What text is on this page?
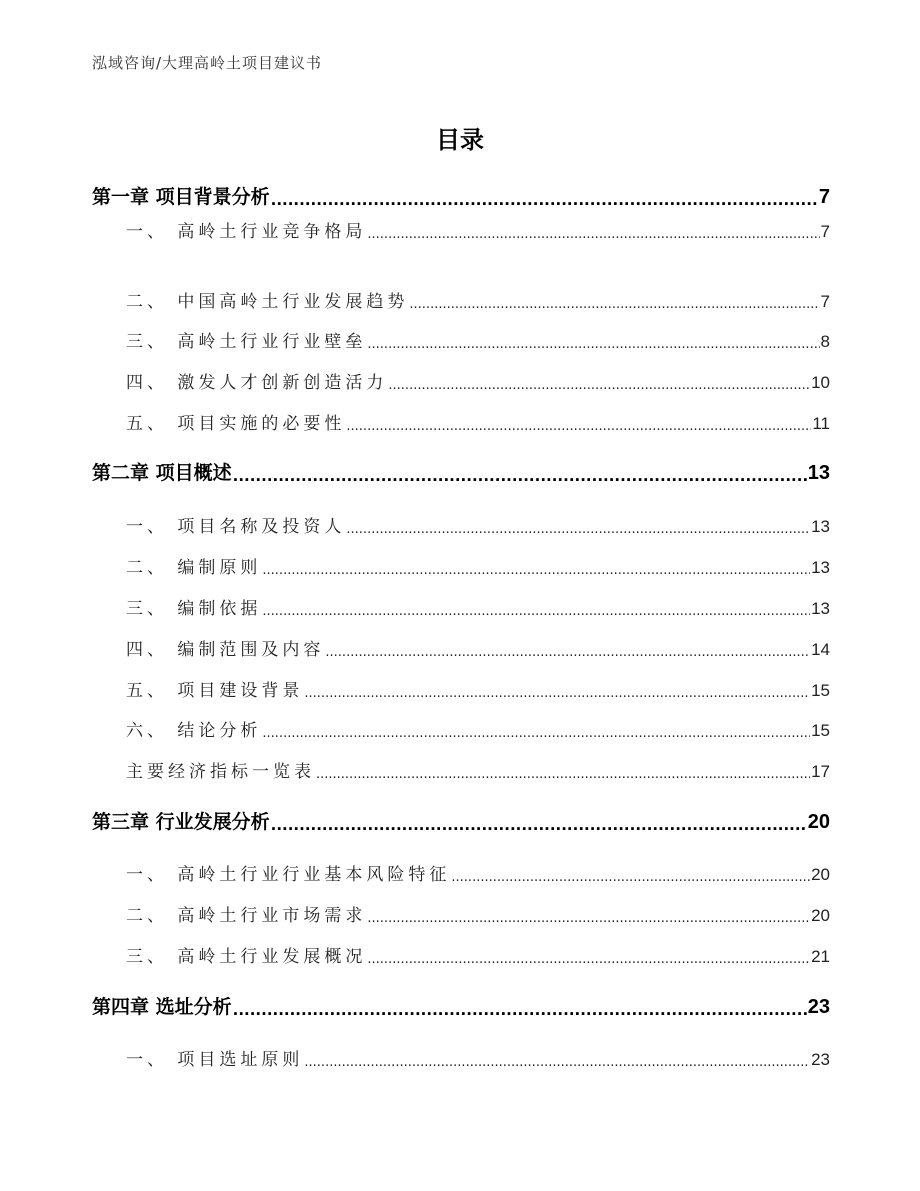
泓域咨询/大理高岭土项目建议书
目录
第一章 项目背景分析 .....	7
一、 高岭土行业竞争格局 .....	7
二、 中国高岭土行业发展趋势 .....	7
三、 高岭土行业行业壁垒 .....	8
四、 激发人才创新创造活力 .....	10
五、 项目实施的必要性 .....	11
第二章 项目概述 .....	13
一、 项目名称及投资人 .....	13
二、 编制原则 .....	13
三、 编制依据 .....	13
四、 编制范围及内容 .....	14
五、 项目建设背景 .....	15
六、 结论分析 .....	15
主要经济指标一览表 .....	17
第三章 行业发展分析 .....	20
一、 高岭土行业行业基本风险特征 .....	20
二、 高岭土行业市场需求 .....	20
三、 高岭土行业发展概况 .....	21
第四章 选址分析 .....	23
一、 项目选址原则 .....	23
